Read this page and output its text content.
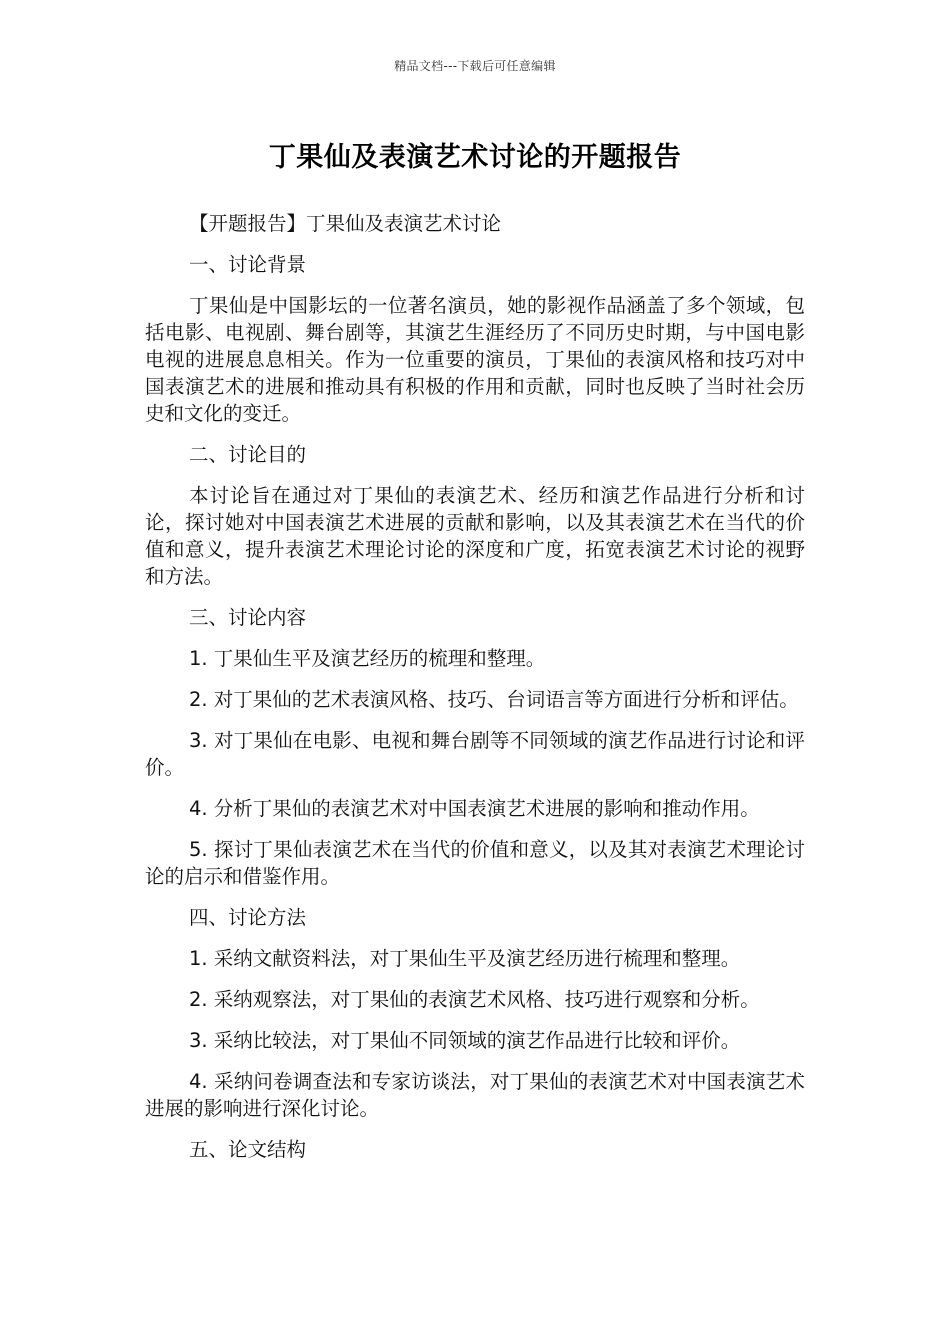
精品文档---下载后可任意编辑
丁果仙及表演艺术讨论的开题报告

【开题报告】丁果仙及表演艺术讨论

一、讨论背景

丁果仙是中国影坛的一位著名演员，她的影视作品涵盖了多个领域，包括电影、电视剧、舞台剧等，其演艺生涯经历了不同历史时期，与中国电影电视的进展息息相关。作为一位重要的演员，丁果仙的表演风格和技巧对中国表演艺术的进展和推动具有积极的作用和贡献，同时也反映了当时社会历史和文化的变迁。

二、讨论目的

本讨论旨在通过对丁果仙的表演艺术、经历和演艺作品进行分析和讨论，探讨她对中国表演艺术进展的贡献和影响，以及其表演艺术在当代的价值和意义，提升表演艺术理论讨论的深度和广度，拓宽表演艺术讨论的视野和方法。

三、讨论内容

1. 丁果仙生平及演艺经历的梳理和整理。

2. 对丁果仙的艺术表演风格、技巧、台词语言等方面进行分析和评估。

3. 对丁果仙在电影、电视和舞台剧等不同领域的演艺作品进行讨论和评价。

4. 分析丁果仙的表演艺术对中国表演艺术进展的影响和推动作用。

5. 探讨丁果仙表演艺术在当代的价值和意义，以及其对表演艺术理论讨论的启示和借鉴作用。

四、讨论方法

1. 采纳文献资料法，对丁果仙生平及演艺经历进行梳理和整理。

2. 采纳观察法，对丁果仙的表演艺术风格、技巧进行观察和分析。

3. 采纳比较法，对丁果仙不同领域的演艺作品进行比较和评价。

4. 采纳问卷调查法和专家访谈法，对丁果仙的表演艺术对中国表演艺术进展的影响进行深化讨论。

五、论文结构
